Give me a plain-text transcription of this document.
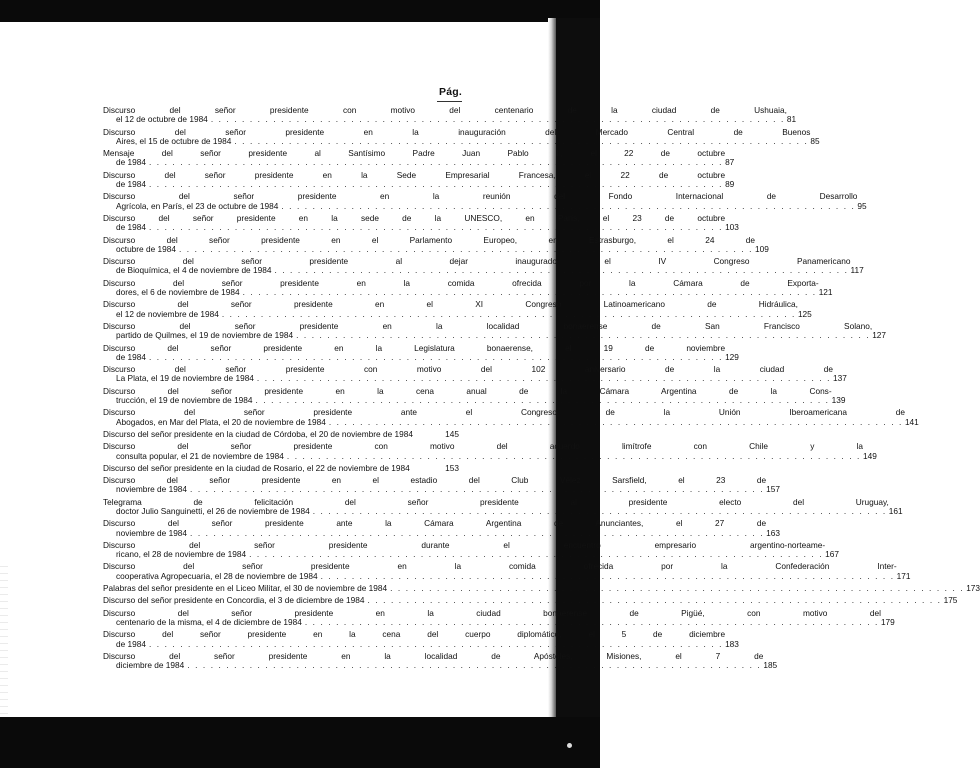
Pág.
Discurso del señor presidente con motivo del centenario de la ciudad de Ushuaia,
el 12 de octubre de 1984 . . . . . . . . . . . . . . . . . . . . . . . . . . . . . . . . . . . . . . . . . . . . . . . . . . . . . . . . . . . . . . . . . . . . . . . . . . 81
Discurso del señor presidente en la inauguración del Mercado Central de Buenos
Aires, el 15 de octubre de 1984 . . . . . . . . . . . . . . . . . . . . . . . . . . . . . . . . . . . . . . . . . . . . . . . . . . . . . . . . . . . . . . . . . . . . . . . . . . 85
Mensaje del señor presidente al Santísimo Padre Juan Pablo II, el 22 de octubre
de 1984 . . . . . . . . . . . . . . . . . . . . . . . . . . . . . . . . . . . . . . . . . . . . . . . . . . . . . . . . . . . . . . . . . . . . . . . . . . 87
Discurso del señor presidente en la Sede Empresarial Francesa, el 22 de octubre
de 1984 . . . . . . . . . . . . . . . . . . . . . . . . . . . . . . . . . . . . . . . . . . . . . . . . . . . . . . . . . . . . . . . . . . . . . . . . . . 89
Discurso del señor presidente en la reunión del Fondo Internacional de Desarrollo
Agrícola, en París, el 23 de octubre de 1984 . . . . . . . . . . . . . . . . . . . . . . . . . . . . . . . . . . . . . . . . . . . . . . . . . . . . . . . . . . . . . . . . . . . . . . . . . . 95
Discurso del señor presidente en la sede de la UNESCO, en París, el 23 de octubre
de 1984 . . . . . . . . . . . . . . . . . . . . . . . . . . . . . . . . . . . . . . . . . . . . . . . . . . . . . . . . . . . . . . . . . . . . . . . . . . 103
Discurso del señor presidente en el Parlamento Europeo, en Estrasburgo, el 24 de
octubre de 1984 . . . . . . . . . . . . . . . . . . . . . . . . . . . . . . . . . . . . . . . . . . . . . . . . . . . . . . . . . . . . . . . . . . . . . . . . . . 109
Discurso del señor presidente al dejar inaugurado el IV Congreso Panamericano
de Bioquímica, el 4 de noviembre de 1984 . . . . . . . . . . . . . . . . . . . . . . . . . . . . . . . . . . . . . . . . . . . . . . . . . . . . . . . . . . . . . . . . . . . . . . . . . . 117
Discurso del señor presidente en la comida ofrecida por la Cámara de Exporta-
dores, el 6 de noviembre de 1984 . . . . . . . . . . . . . . . . . . . . . . . . . . . . . . . . . . . . . . . . . . . . . . . . . . . . . . . . . . . . . . . . . . . . . . . . . . 121
Discurso del señor presidente en el XI Congreso Latinoamericano de Hidráulica,
el 12 de noviembre de 1984 . . . . . . . . . . . . . . . . . . . . . . . . . . . . . . . . . . . . . . . . . . . . . . . . . . . . . . . . . . . . . . . . . . . . . . . . . . 125
Discurso del señor presidente en la localidad bonaerense de San Francisco Solano,
partido de Quilmes, el 19 de noviembre de 1984 . . . . . . . . . . . . . . . . . . . . . . . . . . . . . . . . . . . . . . . . . . . . . . . . . . . . . . . . . . . . . . . . . . . . . . . . . . 127
Discurso del señor presidente en la Legislatura bonaerense, el 19 de noviembre
de 1984 . . . . . . . . . . . . . . . . . . . . . . . . . . . . . . . . . . . . . . . . . . . . . . . . . . . . . . . . . . . . . . . . . . . . . . . . . . 129
Discurso del señor presidente con motivo del 102 aniversario de la ciudad de
La Plata, el 19 de noviembre de 1984 . . . . . . . . . . . . . . . . . . . . . . . . . . . . . . . . . . . . . . . . . . . . . . . . . . . . . . . . . . . . . . . . . . . . . . . . . . 137
Discurso del señor presidente en la cena anual de la Cámara Argentina de la Cons-
trucción, el 19 de noviembre de 1984 . . . . . . . . . . . . . . . . . . . . . . . . . . . . . . . . . . . . . . . . . . . . . . . . . . . . . . . . . . . . . . . . . . . . . . . . . . 139
Discurso del señor presidente ante el Congreso de la Unión Iberoamericana de
Abogados, en Mar del Plata, el 20 de noviembre de 1984 . . . . . . . . . . . . . . . . . . . . . . . . . . . . . . . . . . . . . . . . . . . . . . . . . . . . . . . . . . . . . . . . . . . . . . . . . . 141
Discurso del señor presidente en la ciudad de Córdoba, el 20 de noviembre de 1984	145
Discurso del señor presidente con motivo del acuerdo limítrofe con Chile y la
consulta popular, el 21 de noviembre de 1984 . . . . . . . . . . . . . . . . . . . . . . . . . . . . . . . . . . . . . . . . . . . . . . . . . . . . . . . . . . . . . . . . . . . . . . . . . . 149
Discurso del señor presidente en la ciudad de Rosario, el 22 de noviembre de 1984	153
Discurso del señor presidente en el estadio del Club Vélez Sarsfield, el 23 de
noviembre de 1984 . . . . . . . . . . . . . . . . . . . . . . . . . . . . . . . . . . . . . . . . . . . . . . . . . . . . . . . . . . . . . . . . . . . . . . . . . . 157
Telegrama de felicitación del señor presidente al presidente electo del Uruguay,
doctor Julio Sanguinetti, el 26 de noviembre de 1984 . . . . . . . . . . . . . . . . . . . . . . . . . . . . . . . . . . . . . . . . . . . . . . . . . . . . . . . . . . . . . . . . . . . . . . . . . . 161
Discurso del señor presidente ante la Cámara Argentina de Anunciantes, el 27 de
noviembre de 1984 . . . . . . . . . . . . . . . . . . . . . . . . . . . . . . . . . . . . . . . . . . . . . . . . . . . . . . . . . . . . . . . . . . . . . . . . . . 163
Discurso del señor presidente durante el encuentro empresario argentino-norteame-
ricano, el 28 de noviembre de 1984 . . . . . . . . . . . . . . . . . . . . . . . . . . . . . . . . . . . . . . . . . . . . . . . . . . . . . . . . . . . . . . . . . . . . . . . . . . 167
Discurso del señor presidente en la comida ofrecida por la Confederación Inter-
cooperativa Agropecuaria, el 28 de noviembre de 1984 . . . . . . . . . . . . . . . . . . . . . . . . . . . . . . . . . . . . . . . . . . . . . . . . . . . . . . . . . . . . . . . . . . . . . . . . . . 171
Palabras del señor presidente en el Liceo Militar, el 30 de noviembre de 1984 . . . . . . . . . . . . . . . . . . . . . . . . . . . . . . . . . . . . . . . . . . . . . . . . . . . . . . . . . . . . . . . . . . . . . . . . . . 173
Discurso del señor presidente en Concordia, el 3 de diciembre de 1984 . . . . . . . . . . . . . . . . . . . . . . . . . . . . . . . . . . . . . . . . . . . . . . . . . . . . . . . . . . . . . . . . . . . . . . . . . . 175
Discurso del señor presidente en la ciudad bonaerense de Pigüé, con motivo del
centenario de la misma, el 4 de diciembre de 1984 . . . . . . . . . . . . . . . . . . . . . . . . . . . . . . . . . . . . . . . . . . . . . . . . . . . . . . . . . . . . . . . . . . . . . . . . . . 179
Discurso del señor presidente en la cena del cuerpo diplomático, el 5 de diciembre
de 1984 . . . . . . . . . . . . . . . . . . . . . . . . . . . . . . . . . . . . . . . . . . . . . . . . . . . . . . . . . . . . . . . . . . . . . . . . . . 183
Discurso del señor presidente en la localidad de Apóstoles, Misiones, el 7 de
diciembre de 1984 . . . . . . . . . . . . . . . . . . . . . . . . . . . . . . . . . . . . . . . . . . . . . . . . . . . . . . . . . . . . . . . . . . . . . . . . . . 185
